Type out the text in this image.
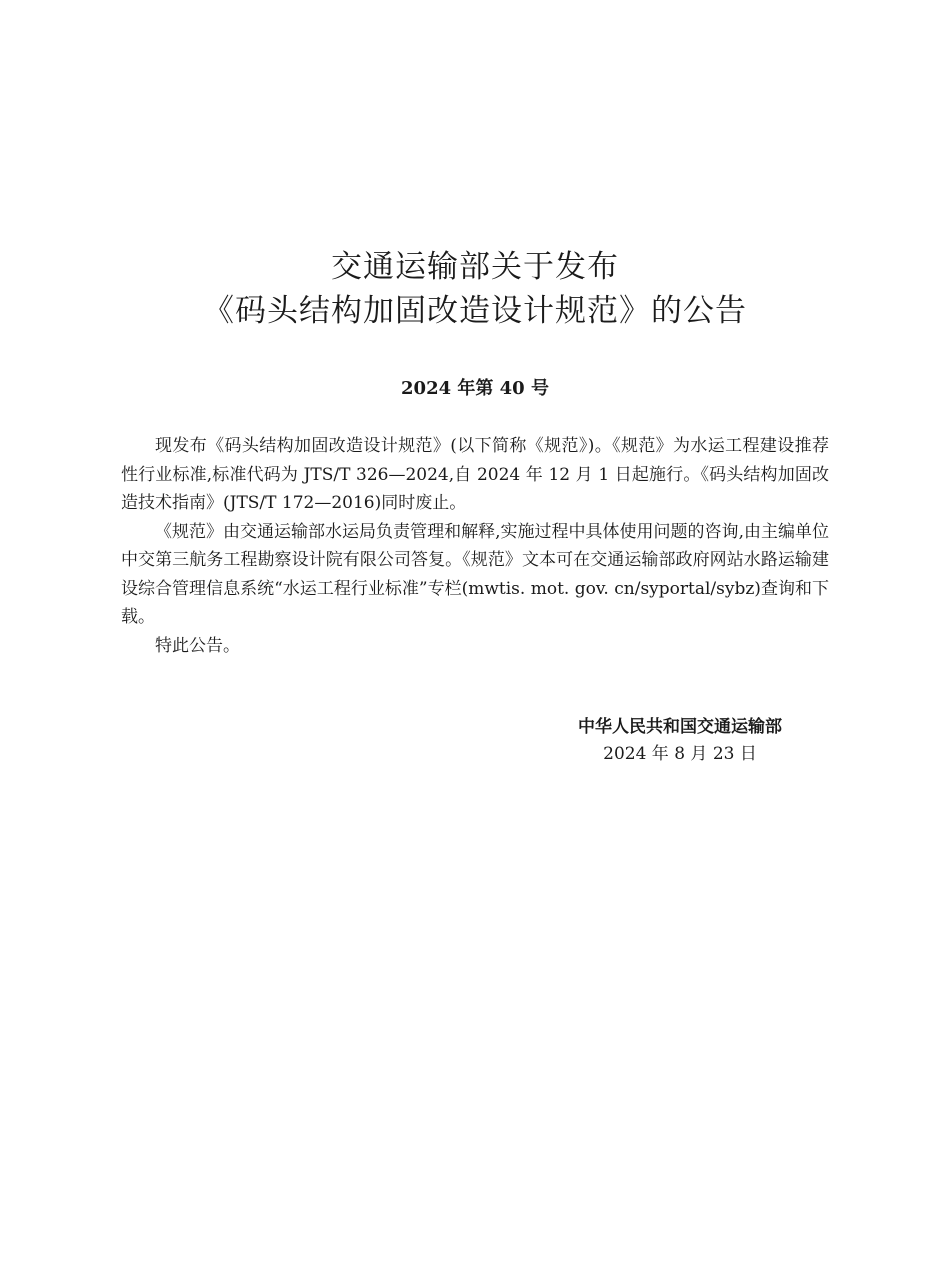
交通运输部关于发布
《码头结构加固改造设计规范》的公告
2024 年第 40 号

现发布《码头结构加固改造设计规范》(以下简称《规范》)。《规范》为水运工程建设推荐性行业标准,标准代码为 JTS/T 326—2024,自 2024 年 12 月 1 日起施行。《码头结构加固改造技术指南》(JTS/T 172—2016)同时废止。

《规范》由交通运输部水运局负责管理和解释,实施过程中具体使用问题的咨询,由主编单位中交第三航务工程勘察设计院有限公司答复。《规范》文本可在交通运输部政府网站水路运输建设综合管理信息系统“水运工程行业标准”专栏(mwtis. mot. gov. cn/syportal/sybz)查询和下载。

特此公告。

中华人民共和国交通运输部
2024 年 8 月 23 日
